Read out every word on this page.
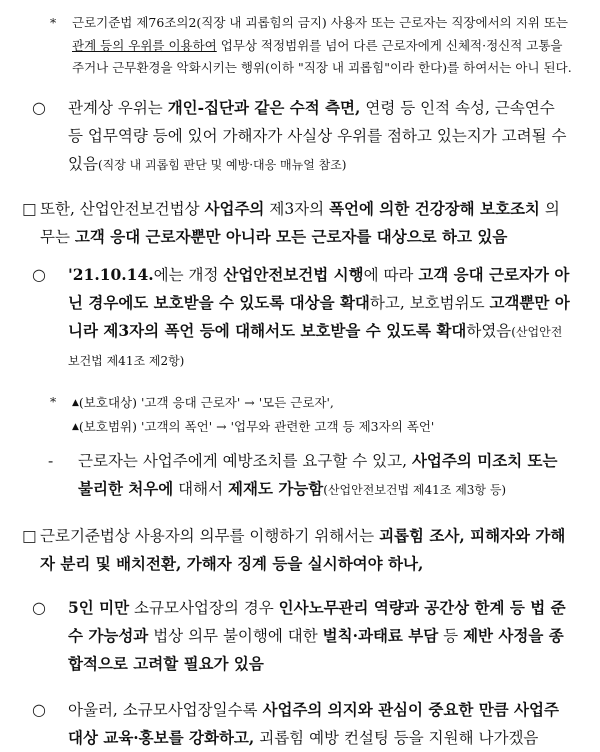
* 근로기준법 제76조의2(직장 내 괴롭힘의 금지) 사용자 또는 근로자는 직장에서의 지위 또는 관계 등의 우위를 이용하여 업무상 적정범위를 넘어 다른 근로자에게 신체적·정신적 고통을 주거나 근무환경을 악화시키는 행위(이하 "직장 내 괴롭힘"이라 한다)를 하여서는 아니 된다.
○ 관계상 우위는 개인-집단과 같은 수적 측면, 연령 등 인적 속성, 근속연수 등 업무역량 등에 있어 가해자가 사실상 우위를 점하고 있는지가 고려될 수 있음(직장 내 괴롭힘 판단 및 예방·대응 매뉴얼 참조)
□ 또한, 산업안전보건법상 사업주의 제3자의 폭언에 의한 건강장해 보호조치 의무는 고객 응대 근로자뿐만 아니라 모든 근로자를 대상으로 하고 있음
○ '21.10.14.에는 개정 산업안전보건법 시행에 따라 고객 응대 근로자가 아닌 경우에도 보호받을 수 있도록 대상을 확대하고, 보호범위도 고객뿐만 아니라 제3자의 폭언 등에 대해서도 보호받을 수 있도록 확대하였음(산업안전보건법 제41조 제2항)
* ▲(보호대상) '고객 응대 근로자' → '모든 근로자',
▲(보호범위) '고객의 폭언' → '업무와 관련한 고객 등 제3자의 폭언'
- 근로자는 사업주에게 예방조치를 요구할 수 있고, 사업주의 미조치 또는 불리한 처우에 대해서 제재도 가능함(산업안전보건법 제41조 제3항 등)
□ 근로기준법상 사용자의 의무를 이행하기 위해서는 괴롭힘 조사, 피해자와 가해자 분리 및 배치전환, 가해자 징계 등을 실시하여야 하나,
○ 5인 미만 소규모사업장의 경우 인사노무관리 역량과 공간상 한계 등 법 준수 가능성과 법상 의무 불이행에 대한 벌칙·과태료 부담 등 제반 사정을 종합적으로 고려할 필요가 있음
○ 아울러, 소규모사업장일수록 사업주의 의지와 관심이 중요한 만큼 사업주 대상 교육·홍보를 강화하고, 괴롭힘 예방 컨설팅 등을 지원해 나가겠음
